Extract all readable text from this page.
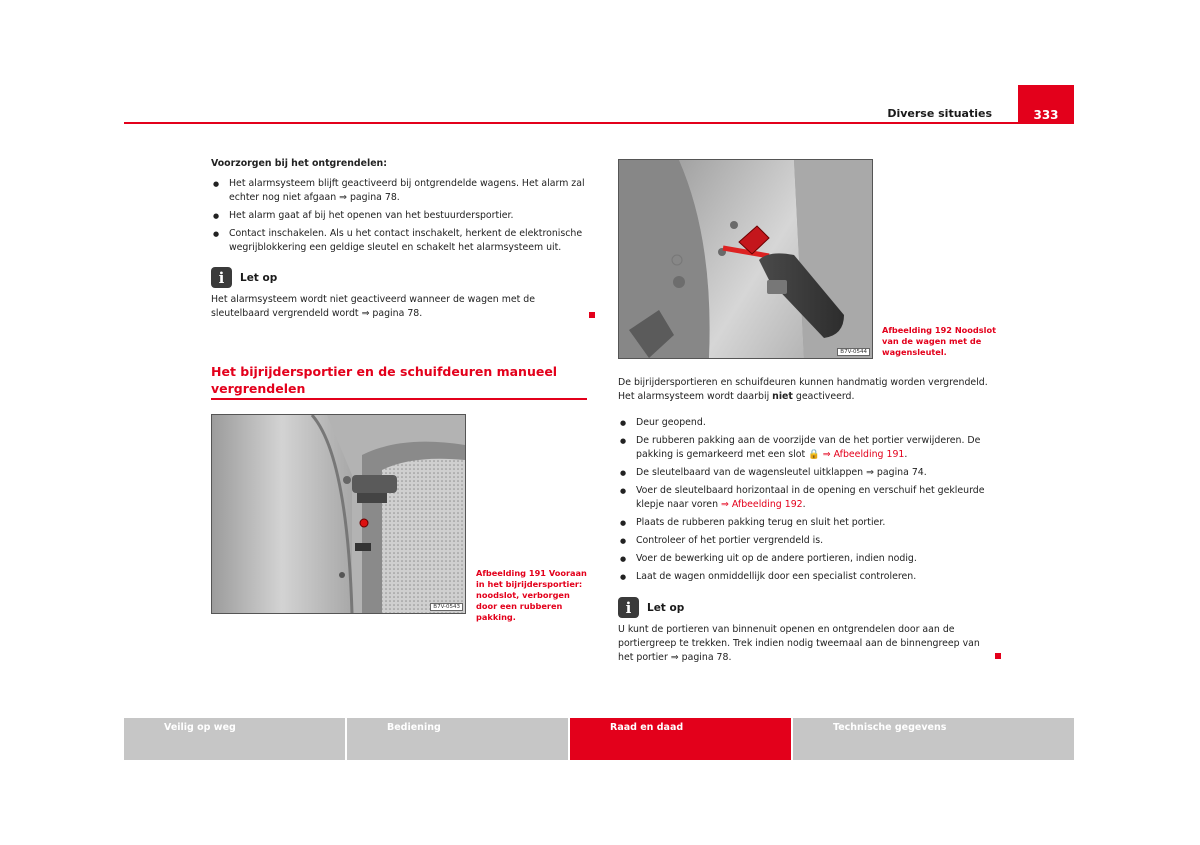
Diverse situaties	333
Voorzorgen bij het ontgrendelen:

● Het alarmsysteem blijft geactiveerd bij ontgrendelde wagens. Het alarm zal echter nog niet afgaan ⇒ pagina 78.

● Het alarm gaat af bij het openen van het bestuurdersportier.

● Contact inschakelen. Als u het contact inschakelt, herkent de elektronische wegrijblokkering een geldige sleutel en schakelt het alarmsysteem uit.

i	Let op
Het alarmsysteem wordt niet geactiveerd wanneer de wagen met de sleutelbaard vergrendeld wordt ⇒ pagina 78.
Het bijrijdersportier en de schuifdeuren manueel vergrendelen
B7V-0543
Afbeelding 191 Vooraan in het bijrijdersportier: noodslot, verborgen door een rubberen pakking.
B7V-0544
Afbeelding 192 Noodslot van de wagen met de wagensleutel.
De bijrijdersportieren en schuifdeuren kunnen handmatig worden vergrendeld. Het alarmsysteem wordt daarbij niet geactiveerd.

● Deur geopend.

● De rubberen pakking aan de voorzijde van de het portier verwijderen. De pakking is gemarkeerd met een slot 🔒 ⇒ Afbeelding 191.

● De sleutelbaard van de wagensleutel uitklappen ⇒ pagina 74.

● Voer de sleutelbaard horizontaal in de opening en verschuif het gekleurde klepje naar voren ⇒ Afbeelding 192.

● Plaats de rubberen pakking terug en sluit het portier.

● Controleer of het portier vergrendeld is.

● Voer de bewerking uit op de andere portieren, indien nodig.

● Laat de wagen onmiddellijk door een specialist controleren.

i	Let op
U kunt de portieren van binnenuit openen en ontgrendelen door aan de portiergreep te trekken. Trek indien nodig tweemaal aan de binnengreep van het portier ⇒ pagina 78.
Veilig op weg	Bediening	Raad en daad	Technische gegevens
